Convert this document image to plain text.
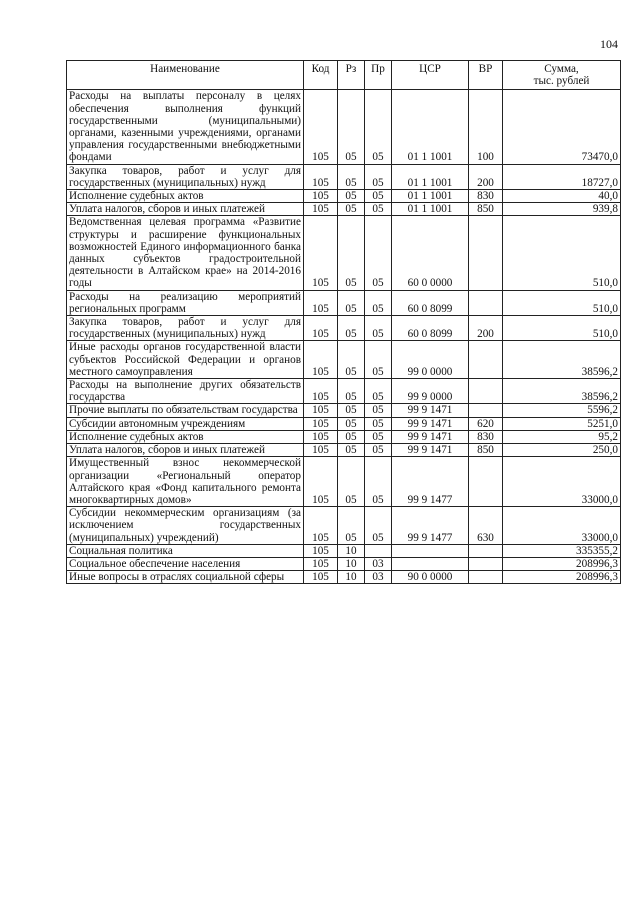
104
Наименование	Код	Рз	Пр	ЦСР	ВР	Сумма,
тыс. рублей
Расходы на выплаты персоналу в целях обеспечения выполнения функций государственными (муниципальными) органами, казенными учреждениями, органами управления государственными внебюджетными фондами	105	05	05	01 1 1001	100	73470,0
Закупка товаров, работ и услуг для государственных (муниципальных) нужд	105	05	05	01 1 1001	200	18727,0
Исполнение судебных актов	105	05	05	01 1 1001	830	40,0
Уплата налогов, сборов и иных платежей	105	05	05	01 1 1001	850	939,8
Ведомственная целевая программа «Развитие структуры и расширение функциональных возможностей Единого информационного банка данных субъектов градостроительной деятельности в Алтайском крае» на 2014-2016 годы	105	05	05	60 0 0000		510,0
Расходы на реализацию мероприятий региональных программ	105	05	05	60 0 8099		510,0
Закупка товаров, работ и услуг для государственных (муниципальных) нужд	105	05	05	60 0 8099	200	510,0
Иные расходы органов государственной власти субъектов Российской Федерации и органов местного самоуправления	105	05	05	99 0 0000		38596,2
Расходы на выполнение других обязательств государства	105	05	05	99 9 0000		38596,2
Прочие выплаты по обязательствам государства	105	05	05	99 9 1471		5596,2
Субсидии автономным учреждениям	105	05	05	99 9 1471	620	5251,0
Исполнение судебных актов	105	05	05	99 9 1471	830	95,2
Уплата налогов, сборов и иных платежей	105	05	05	99 9 1471	850	250,0
Имущественный взнос некоммерческой организации «Региональный оператор Алтайского края «Фонд капитального ремонта многоквартирных домов»	105	05	05	99 9 1477		33000,0
Субсидии некоммерческим организациям (за исключением государственных (муниципальных) учреждений)	105	05	05	99 9 1477	630	33000,0
Социальная политика	105	10				335355,2
Социальное обеспечение населения	105	10	03			208996,3
Иные вопросы в отраслях социальной сферы	105	10	03	90 0 0000		208996,3
